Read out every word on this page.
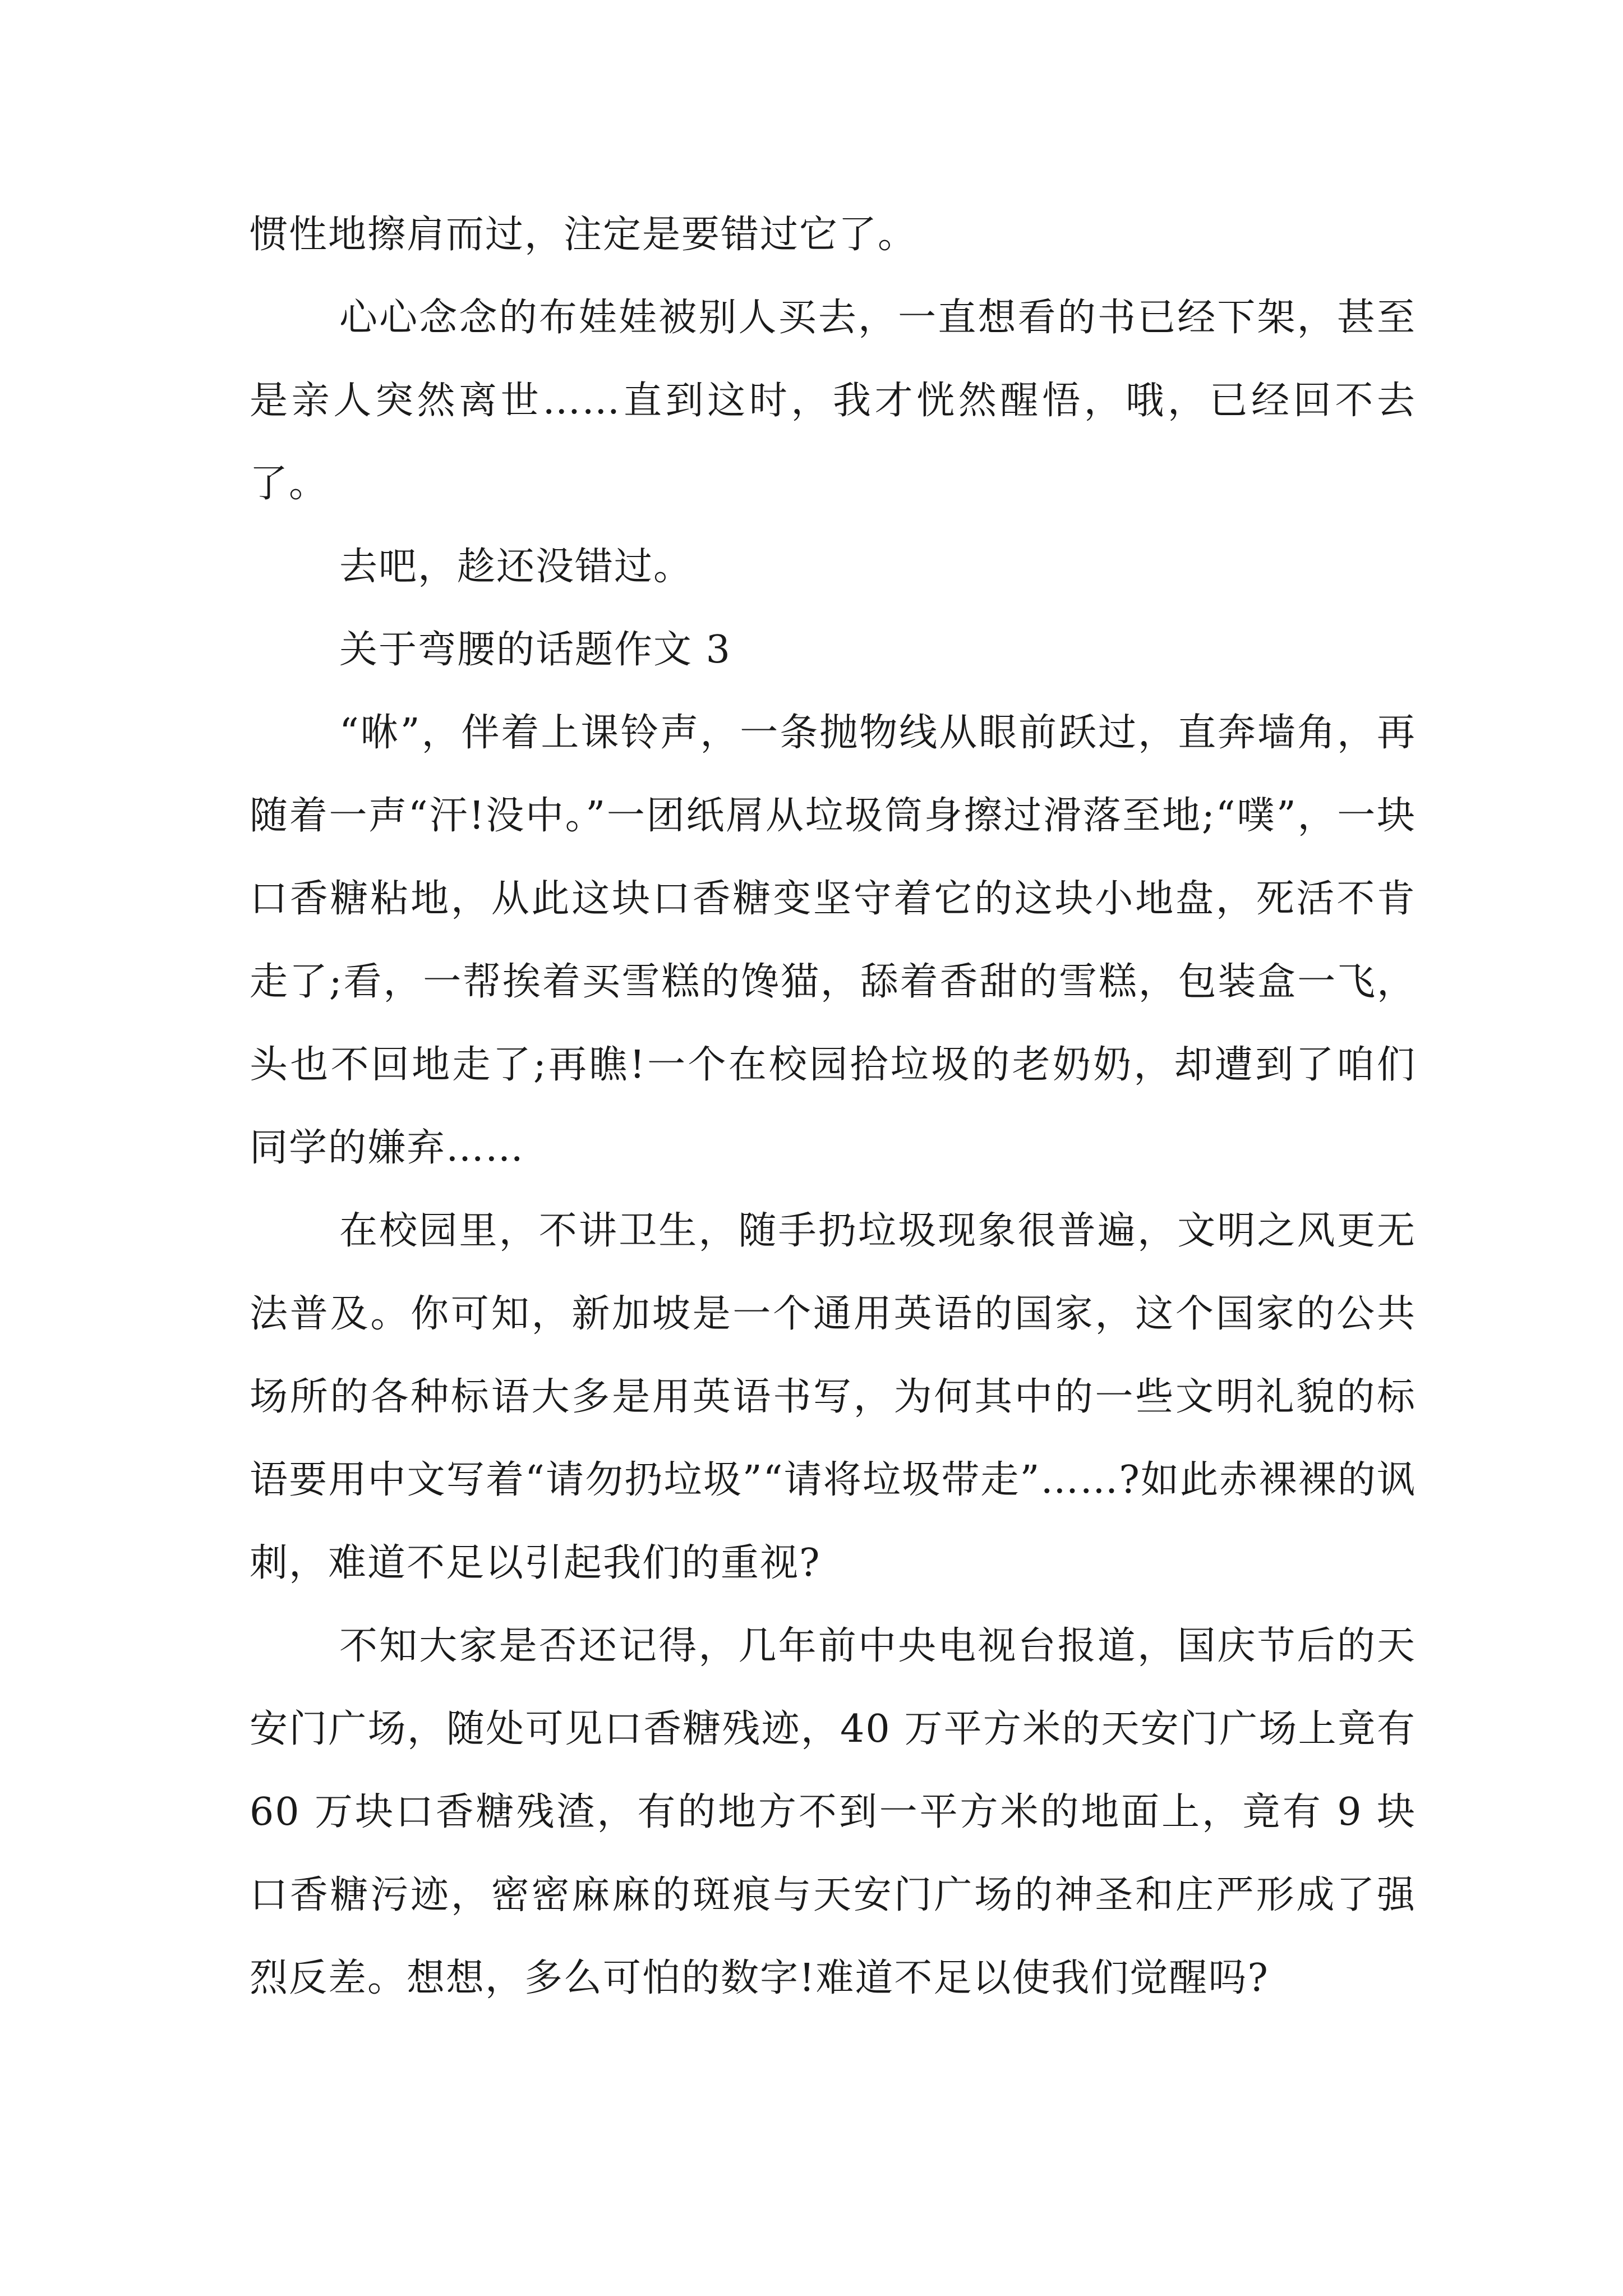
惯性地擦肩而过，注定是要错过它了。

心心念念的布娃娃被别人买去，一直想看的书已经下架，甚至是亲人突然离世……直到这时，我才恍然醒悟，哦，已经回不去了。

去吧，趁还没错过。

关于弯腰的话题作文 3

“咻”，伴着上课铃声，一条抛物线从眼前跃过，直奔墙角，再随着一声“汗!没中。”一团纸屑从垃圾筒身擦过滑落至地;“噗”，一块口香糖粘地，从此这块口香糖变坚守着它的这块小地盘，死活不肯走了;看，一帮挨着买雪糕的馋猫，舔着香甜的雪糕，包装盒一飞，头也不回地走了;再瞧!一个在校园拾垃圾的老奶奶，却遭到了咱们同学的嫌弃……

在校园里，不讲卫生，随手扔垃圾现象很普遍，文明之风更无法普及。你可知，新加坡是一个通用英语的国家，这个国家的公共场所的各种标语大多是用英语书写，为何其中的一些文明礼貌的标语要用中文写着“请勿扔垃圾”“请将垃圾带走”……?如此赤裸裸的讽刺，难道不足以引起我们的重视?

不知大家是否还记得，几年前中央电视台报道，国庆节后的天安门广场，随处可见口香糖残迹，40 万平方米的天安门广场上竟有 60 万块口香糖残渣，有的地方不到一平方米的地面上，竟有 9 块口香糖污迹，密密麻麻的斑痕与天安门广场的神圣和庄严形成了强烈反差。想想，多么可怕的数字!难道不足以使我们觉醒吗?
